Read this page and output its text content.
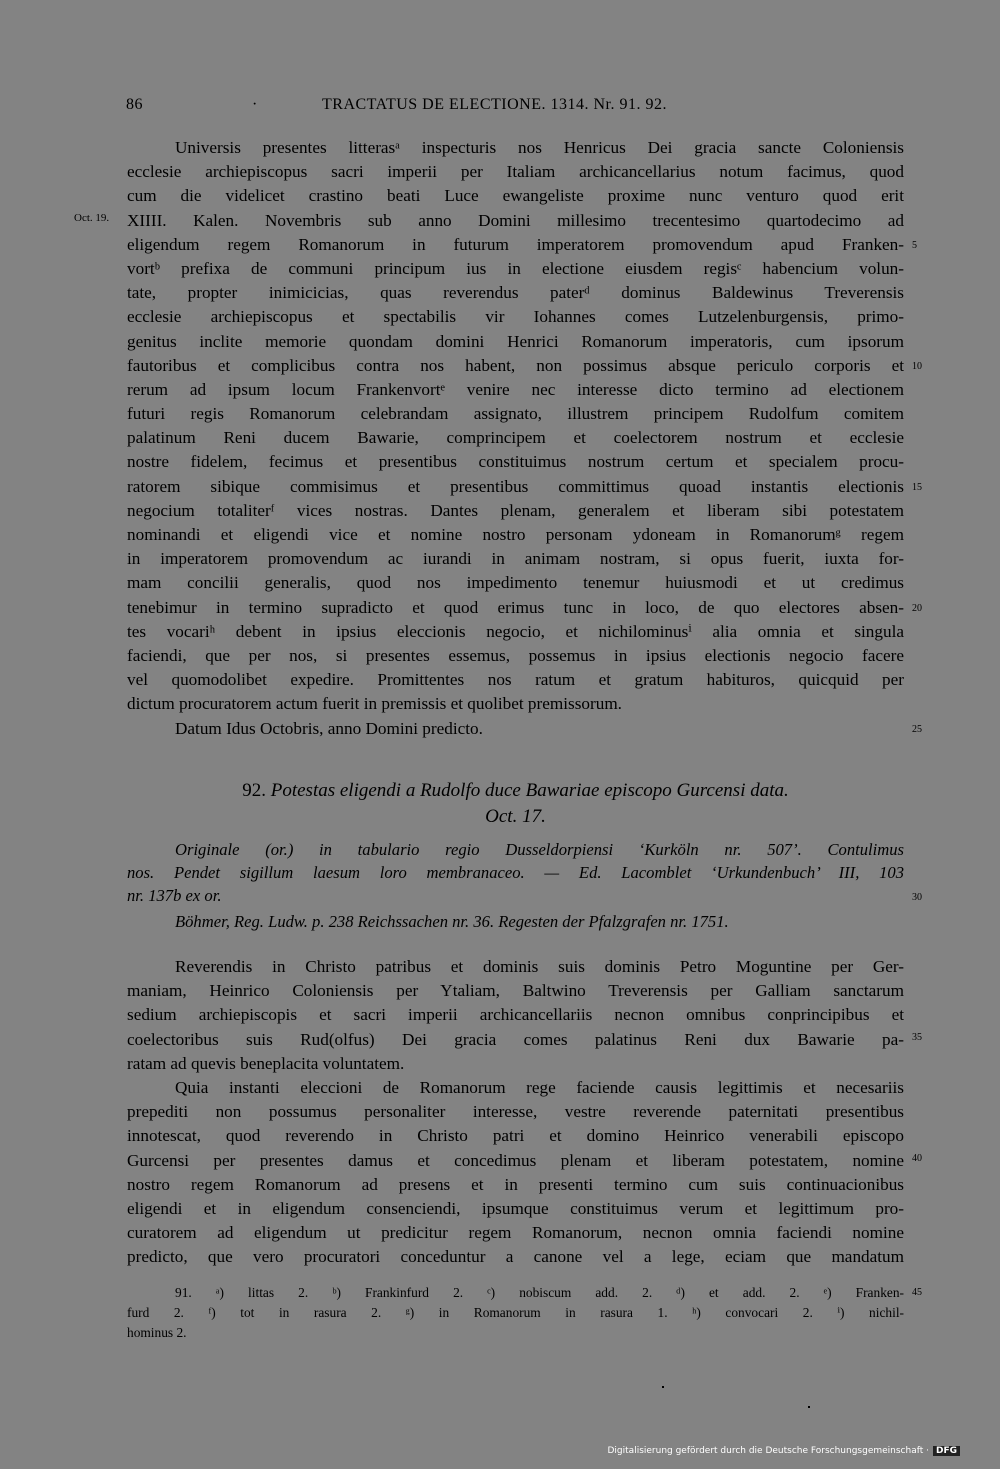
86	·	TRACTATUS DE ELECTIONE. 1314. Nr. 91. 92.
Oct. 19.
Universis presentes litterasᵃ inspecturis nos Henricus Dei gracia sancte Coloniensis
ecclesie archiepiscopus sacri imperii per Italiam archicancellarius notum facimus, quod
cum die videlicet crastino beati Luce ewangeliste proxime nunc venturo quod erit
XIIII. Kalen. Novembris sub anno Domini millesimo trecentesimo quartodecimo ad
eligendum regem Romanorum in futurum imperatorem promovendum apud Franken-
vortᵇ prefixa de communi principum ius in electione eiusdem regisᶜ habencium volun-
tate, propter inimicicias, quas reverendus paterᵈ dominus Baldewinus Treverensis
ecclesie archiepiscopus et spectabilis vir Iohannes comes Lutzelenburgensis, primo-
genitus inclite memorie quondam domini Henrici Romanorum imperatoris, cum ipsorum
fautoribus et complicibus contra nos habent, non possimus absque periculo corporis et
rerum ad ipsum locum Frankenvortᵉ venire nec interesse dicto termino ad electionem
futuri regis Romanorum celebrandam assignato, illustrem principem Rudolfum comitem
palatinum Reni ducem Bawarie, comprincipem et coelectorem nostrum et ecclesie
nostre fidelem, fecimus et presentibus constituimus nostrum certum et specialem procu-
ratorem sibique commisimus et presentibus committimus quoad instantis electionis
negocium totaliterᶠ vices nostras. Dantes plenam, generalem et liberam sibi potestatem
nominandi et eligendi vice et nomine nostro personam ydoneam in Romanorumᵍ regem
in imperatorem promovendum ac iurandi in animam nostram, si opus fuerit, iuxta for-
mam concilii generalis, quod nos impedimento tenemur huiusmodi et ut credimus
tenebimur in termino supradicto et quod erimus tunc in loco, de quo electores absen-
tes vocariʰ debent in ipsius eleccionis negocio, et nichilominusⁱ alia omnia et singula
faciendi, que per nos, si presentes essemus, possemus in ipsius electionis negocio facere
vel quomodolibet expedire. Promittentes nos ratum et gratum habituros, quicquid per
dictum procuratorem actum fuerit in premissis et quolibet premissorum.
Datum Idus Octobris, anno Domini predicto.
5
10
15
20
25
30
35
40
45
92. Potestas eligendi a Rudolfo duce Bawariae episcopo Gurcensi data.
Oct. 17.
Originale (or.) in tabulario regio Dusseldorpiensi ‘Kurköln nr. 507’. Contulimus
nos. Pendet sigillum laesum loro membranaceo. — Ed. Lacomblet ‘Urkundenbuch’ III, 103
nr. 137b ex or.
Böhmer, Reg. Ludw. p. 238 Reichssachen nr. 36. Regesten der Pfalzgrafen nr. 1751.
Reverendis in Christo patribus et dominis suis dominis Petro Moguntine per Ger-
maniam, Heinrico Coloniensis per Ytaliam, Baltwino Treverensis per Galliam sanctarum
sedium archiepiscopis et sacri imperii archicancellariis necnon omnibus conprincipibus et
coelectoribus suis Rud(olfus) Dei gracia comes palatinus Reni dux Bawarie pa-
ratam ad quevis beneplacita voluntatem.
Quia instanti eleccioni de Romanorum rege faciende causis legittimis et necesariis
prepediti non possumus personaliter interesse, vestre reverende paternitati presentibus
innotescat, quod reverendo in Christo patri et domino Heinrico venerabili episcopo
Gurcensi per presentes damus et concedimus plenam et liberam potestatem, nomine
nostro regem Romanorum ad presens et in presenti termino cum suis continuacionibus
eligendi et in eligendum consenciendi, ipsumque constituimus verum et legittimum pro-
curatorem ad eligendum ut predicitur regem Romanorum, necnon omnia faciendi nomine
predicto, que vero procuratori conceduntur a canone vel a lege, eciam que mandatum
91. ᵃ) littas 2. ᵇ) Frankinfurd 2. ᶜ) nobiscum add. 2. ᵈ) et add. 2. ᵉ) Franken-
furd 2. ᶠ) tot in rasura 2. ᵍ) in Romanorum in rasura 1. ʰ) convocari 2. ⁱ) nichil-
hominus 2.
Digitalisierung gefördert durch die Deutsche Forschungsgemeinschaft · DFG
